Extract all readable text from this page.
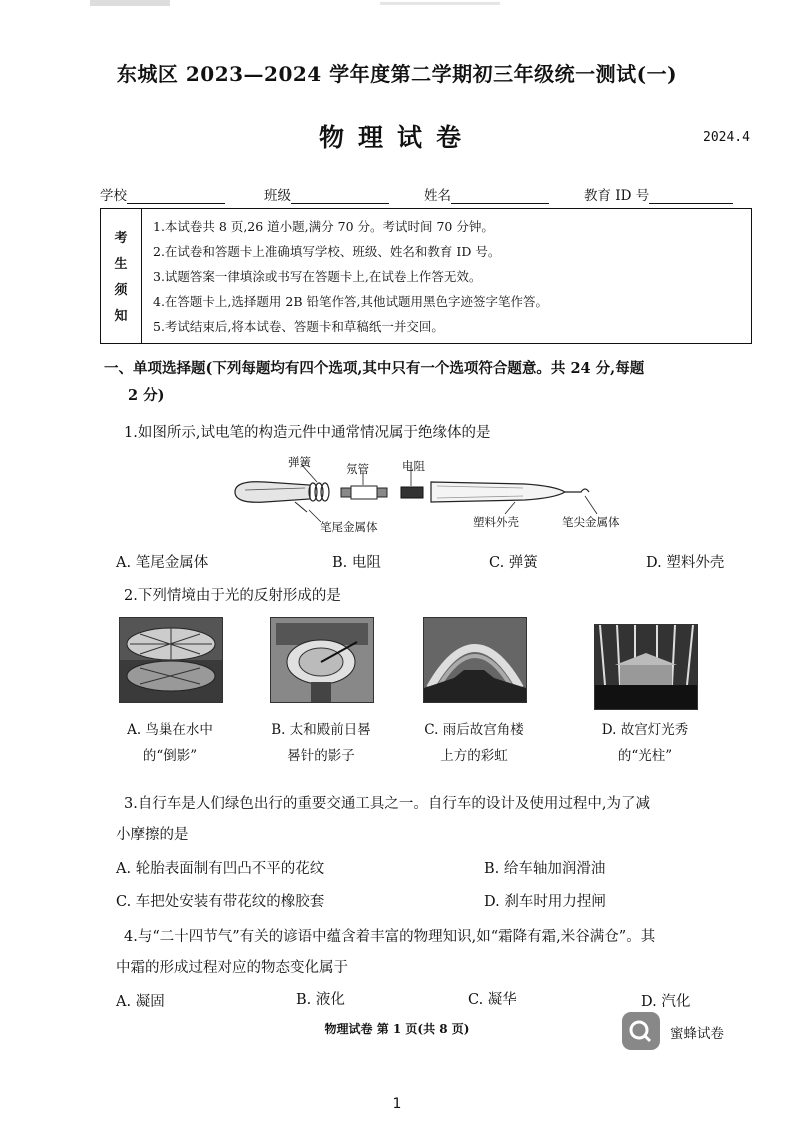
东城区 2023—2024 学年度第二学期初三年级统一测试(一)
物理试卷	2024.4
学校	班级	姓名	教育 ID 号
考
生
须
知
1.本试卷共 8 页,26 道小题,满分 70 分。考试时间 70 分钟。
2.在试卷和答题卡上准确填写学校、班级、姓名和教育 ID 号。
3.试题答案一律填涂或书写在答题卡上,在试卷上作答无效。
4.在答题卡上,选择题用 2B 铅笔作答,其他试题用黑色字迹签字笔作答。
5.考试结束后,将本试卷、答题卡和草稿纸一并交回。
一、单项选择题(下列每题均有四个选项,其中只有一个选项符合题意。共 24 分,每题
2 分)
1.如图所示,试电笔的构造元件中通常情况属于绝缘体的是
弹簧	氖管	电阻
笔尾金属体	塑料外壳	笔尖金属体
A. 笔尾金属体	B. 电阻	C. 弹簧	D. 塑料外壳
2.下列情境由于光的反射形成的是
A. 鸟巢在水中
的“倒影”
B. 太和殿前日晷
晷针的影子
C. 雨后故宫角楼
上方的彩虹
D. 故宫灯光秀
的“光柱”
3.自行车是人们绿色出行的重要交通工具之一。自行车的设计及使用过程中,为了减
小摩擦的是
A. 轮胎表面制有凹凸不平的花纹	B. 给车轴加润滑油
C. 车把处安装有带花纹的橡胶套	D. 刹车时用力捏闸
4.与“二十四节气”有关的谚语中蕴含着丰富的物理知识,如“霜降有霜,米谷满仓”。其
中霜的形成过程对应的物态变化属于
A. 凝固	B. 液化	C. 凝华	D. 汽化
物理试卷 第 1 页(共 8 页)	蜜蜂试卷
1
